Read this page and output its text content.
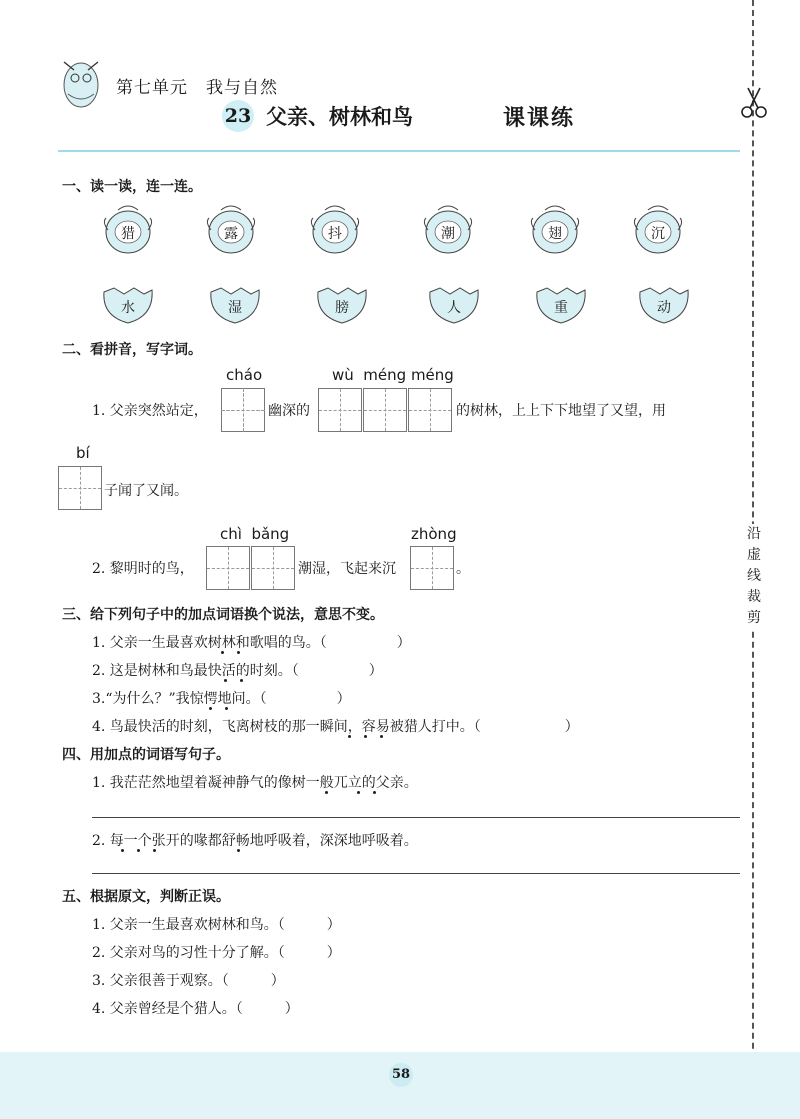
第七单元 我与自然
23 父亲、树林和鸟	课课练
沿
虚
线
裁
剪
一、读一读，连一连。
猎	露	抖	潮	翅	沉
水	湿	膀	人	重	动
二、看拼音，写字词。
cháo	wù  méng méng
1. 父亲突然站定，	幽深的	的树林，上上下下地望了又望，用
bí
子闻了又闻。
chì  bǎng	zhòng
2. 黎明时的鸟，	潮湿，飞起来沉	。
三、给下列句子中的加点词语换个说法，意思不变。
1. 父亲一生最喜欢树林和歌唱的鸟。（　　　　　）
2. 这是树林和鸟最快活的时刻。（　　　　　）
3.“为什么？”我惊愕地问。（　　　　　）
4. 鸟最快活的时刻，飞离树枝的那一瞬间，容易被猎人打中。（　　　　　　）
四、用加点的词语写句子。
1. 我茫茫然地望着凝神静气的像树一般兀立的父亲。
2. 每一个张开的喙都舒畅地呼吸着，深深地呼吸着。
五、根据原文，判断正误。
1. 父亲一生最喜欢树林和鸟。（　　　）
2. 父亲对鸟的习性十分了解。（　　　）
3. 父亲很善于观察。（　　　）
4. 父亲曾经是个猎人。（　　　）
58
